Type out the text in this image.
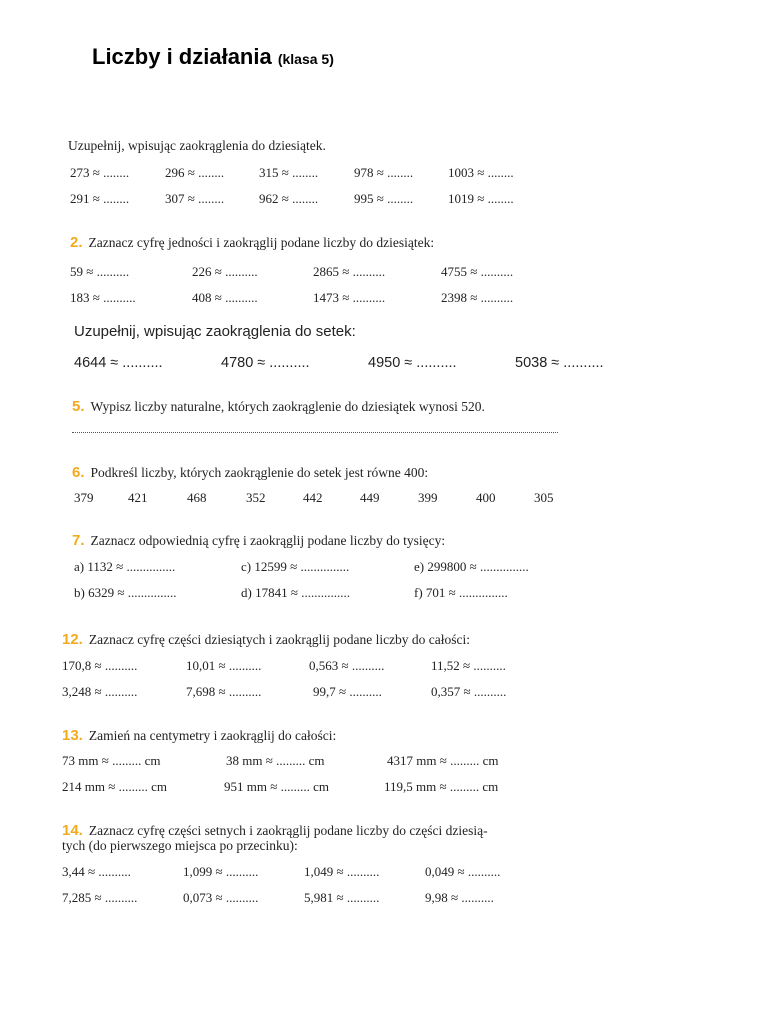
Liczby i działania (klasa 5)
Uzupełnij, wpisując zaokrąglenia do dziesiątek.
273 ≈ ........	296 ≈ ........	315 ≈ ........	978 ≈ ........	1003 ≈ ........
291 ≈ ........	307 ≈ ........	962 ≈ ........	995 ≈ ........	1019 ≈ ........
2. Zaznacz cyfrę jedności i zaokrąglij podane liczby do dziesiątek:
59 ≈ ..........	226 ≈ ..........	2865 ≈ ..........	4755 ≈ ..........
183 ≈ ..........	408 ≈ ..........	1473 ≈ ..........	2398 ≈ ..........
Uzupełnij, wpisując zaokrąglenia do setek:
4644 ≈ ..........	4780 ≈ ..........	4950 ≈ ..........	5038 ≈ ..........
5. Wypisz liczby naturalne, których zaokrąglenie do dziesiątek wynosi 520.
6. Podkreśl liczby, których zaokrąglenie do setek jest równe 400:
379	421	468	352	442	449	399	400	305
7. Zaznacz odpowiednią cyfrę i zaokrąglij podane liczby do tysięcy:
a) 1132 ≈ ...............	c) 12599 ≈ ...............	e) 299800 ≈ ...............
b) 6329 ≈ ...............	d) 17841 ≈ ...............	f) 701 ≈ ...............
12. Zaznacz cyfrę części dziesiątych i zaokrąglij podane liczby do całości:
170,8 ≈ ..........	10,01 ≈ ..........	0,563 ≈ ..........	11,52 ≈ ..........
3,248 ≈ ..........	7,698 ≈ ..........	99,7 ≈ ..........	0,357 ≈ ..........
13. Zamień na centymetry i zaokrąglij do całości:
73 mm ≈ ......... cm	38 mm ≈ ......... cm	4317 mm ≈ ......... cm
214 mm ≈ ......... cm	951 mm ≈ ......... cm	119,5 mm ≈ ......... cm
14. Zaznacz cyfrę części setnych i zaokrąglij podane liczby do części dziesią-
tych (do pierwszego miejsca po przecinku):
3,44 ≈ ..........	1,099 ≈ ..........	1,049 ≈ ..........	0,049 ≈ ..........
7,285 ≈ ..........	0,073 ≈ ..........	5,981 ≈ ..........	9,98 ≈ ..........
